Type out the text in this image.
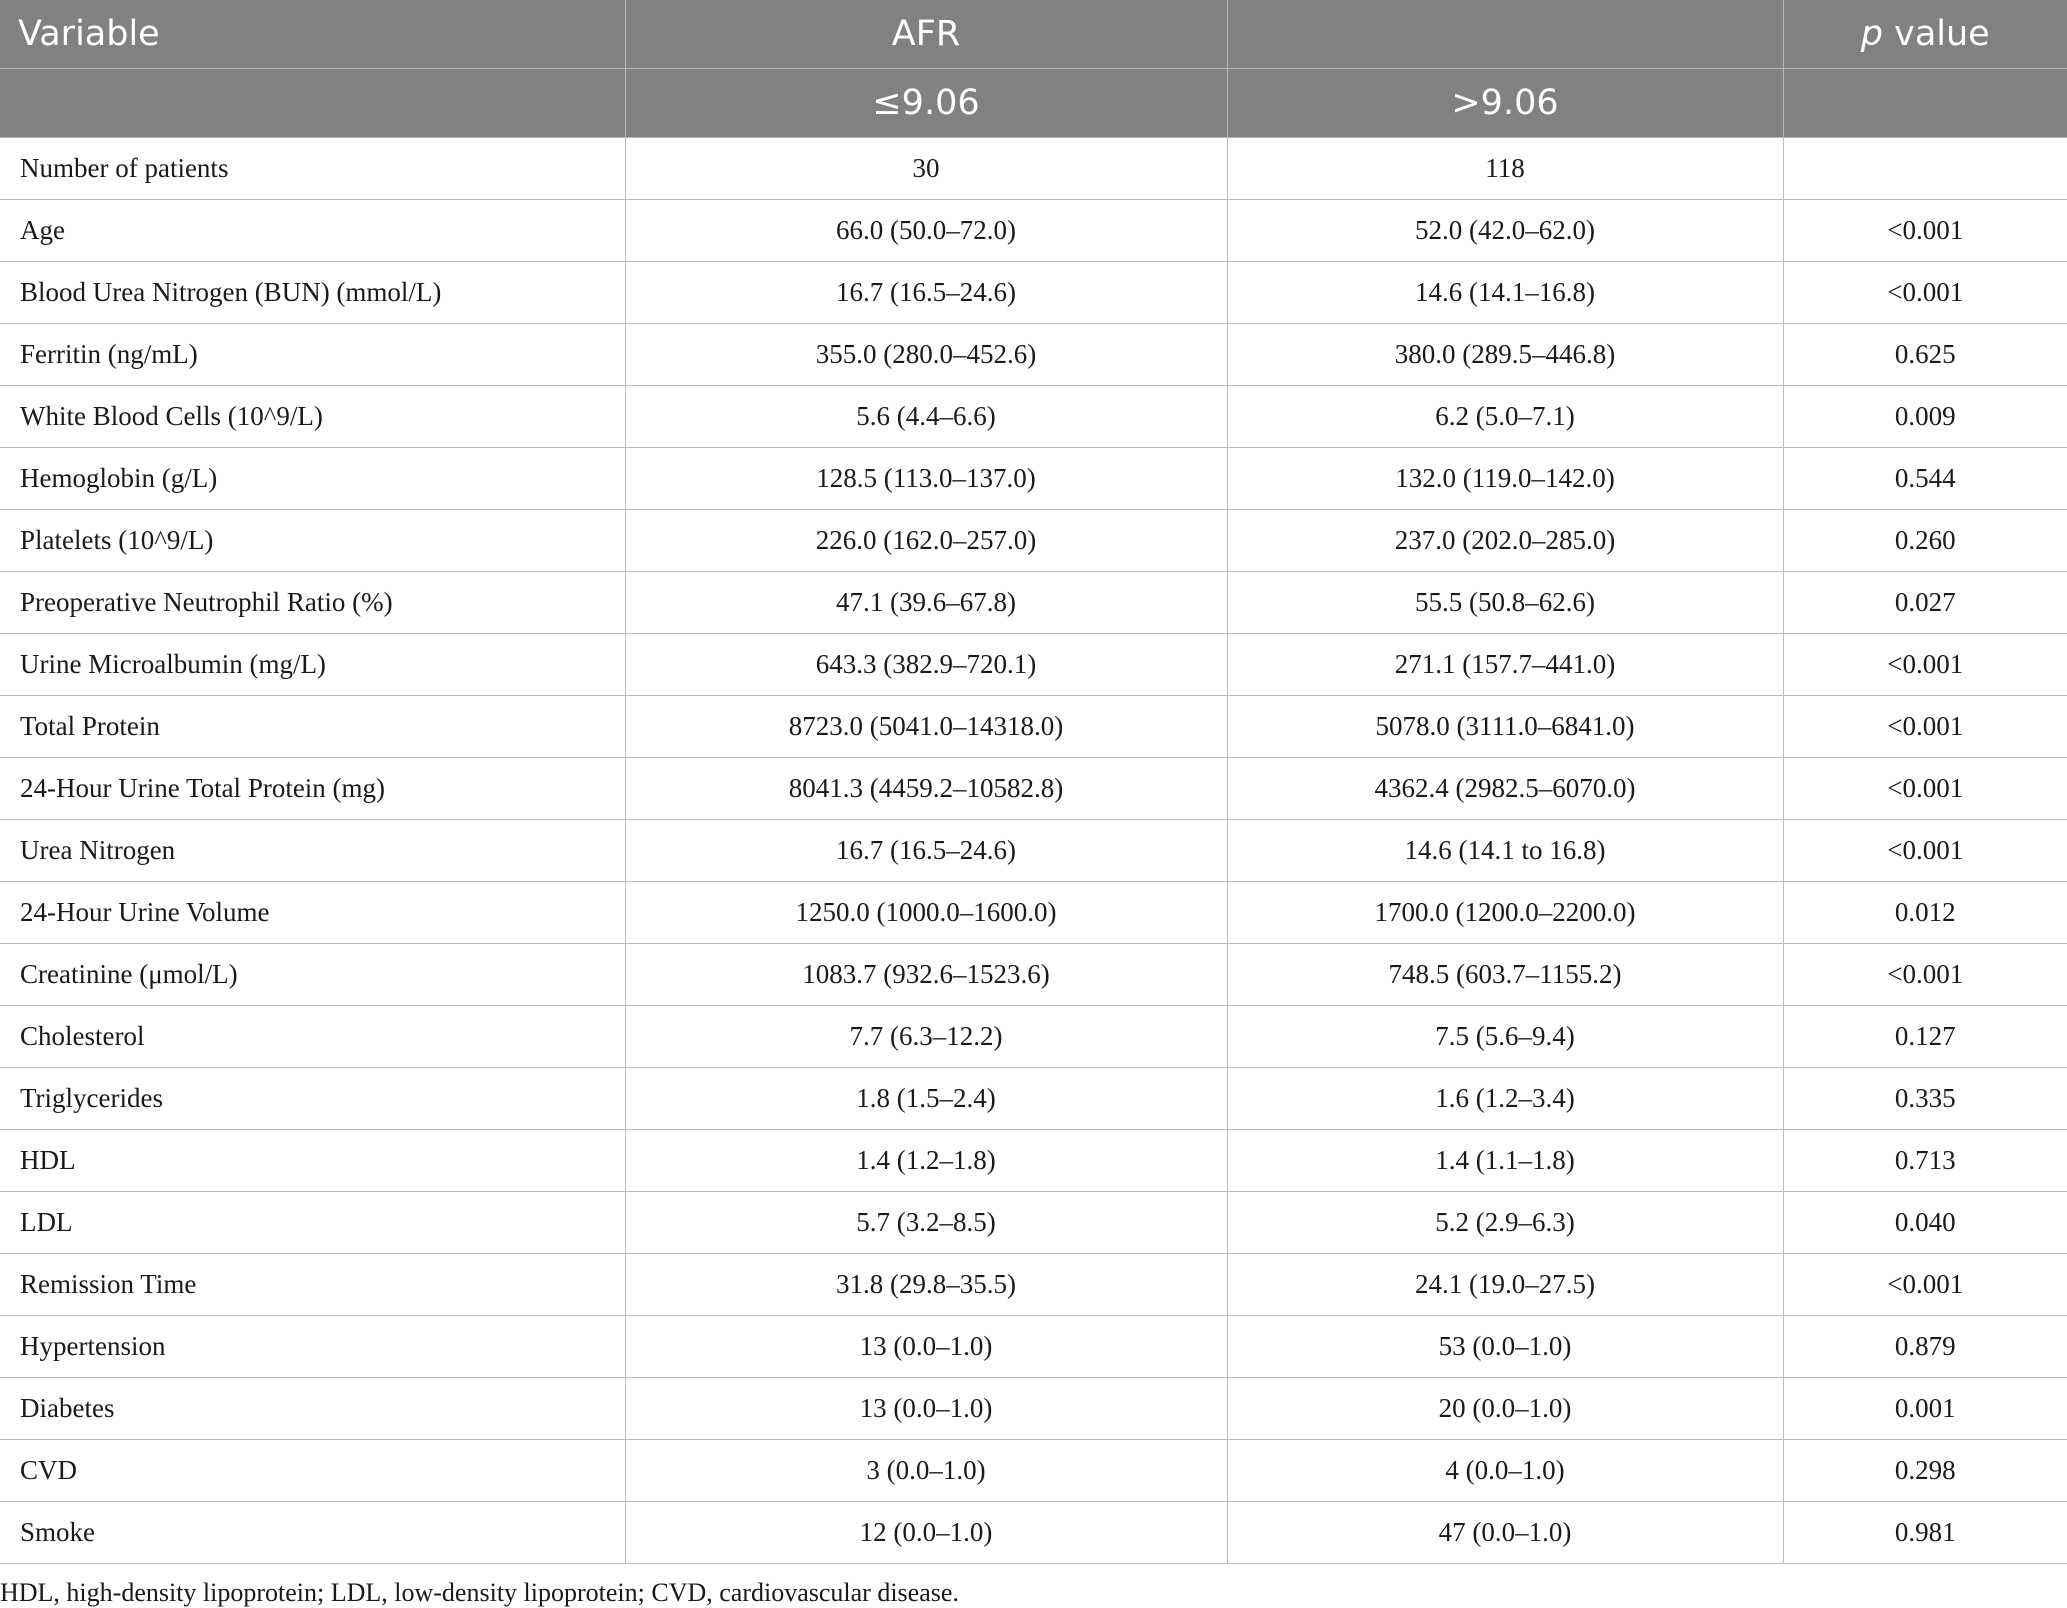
Variable	AFR		p value
	≤9.06	>9.06	
Number of patients	30	118	
Age	66.0 (50.0–72.0)	52.0 (42.0–62.0)	<0.001
Blood Urea Nitrogen (BUN) (mmol/L)	16.7 (16.5–24.6)	14.6 (14.1–16.8)	<0.001
Ferritin (ng/mL)	355.0 (280.0–452.6)	380.0 (289.5–446.8)	0.625
White Blood Cells (10^9/L)	5.6 (4.4–6.6)	6.2 (5.0–7.1)	0.009
Hemoglobin (g/L)	128.5 (113.0–137.0)	132.0 (119.0–142.0)	0.544
Platelets (10^9/L)	226.0 (162.0–257.0)	237.0 (202.0–285.0)	0.260
Preoperative Neutrophil Ratio (%)	47.1 (39.6–67.8)	55.5 (50.8–62.6)	0.027
Urine Microalbumin (mg/L)	643.3 (382.9–720.1)	271.1 (157.7–441.0)	<0.001
Total Protein	8723.0 (5041.0–14318.0)	5078.0 (3111.0–6841.0)	<0.001
24-Hour Urine Total Protein (mg)	8041.3 (4459.2–10582.8)	4362.4 (2982.5–6070.0)	<0.001
Urea Nitrogen	16.7 (16.5–24.6)	14.6 (14.1 to 16.8)	<0.001
24-Hour Urine Volume	1250.0 (1000.0–1600.0)	1700.0 (1200.0–2200.0)	0.012
Creatinine (μmol/L)	1083.7 (932.6–1523.6)	748.5 (603.7–1155.2)	<0.001
Cholesterol	7.7 (6.3–12.2)	7.5 (5.6–9.4)	0.127
Triglycerides	1.8 (1.5–2.4)	1.6 (1.2–3.4)	0.335
HDL	1.4 (1.2–1.8)	1.4 (1.1–1.8)	0.713
LDL	5.7 (3.2–8.5)	5.2 (2.9–6.3)	0.040
Remission Time	31.8 (29.8–35.5)	24.1 (19.0–27.5)	<0.001
Hypertension	13 (0.0–1.0)	53 (0.0–1.0)	0.879
Diabetes	13 (0.0–1.0)	20 (0.0–1.0)	0.001
CVD	3 (0.0–1.0)	4 (0.0–1.0)	0.298
Smoke	12 (0.0–1.0)	47 (0.0–1.0)	0.981
HDL, high-density lipoprotein; LDL, low-density lipoprotein; CVD, cardiovascular disease.
